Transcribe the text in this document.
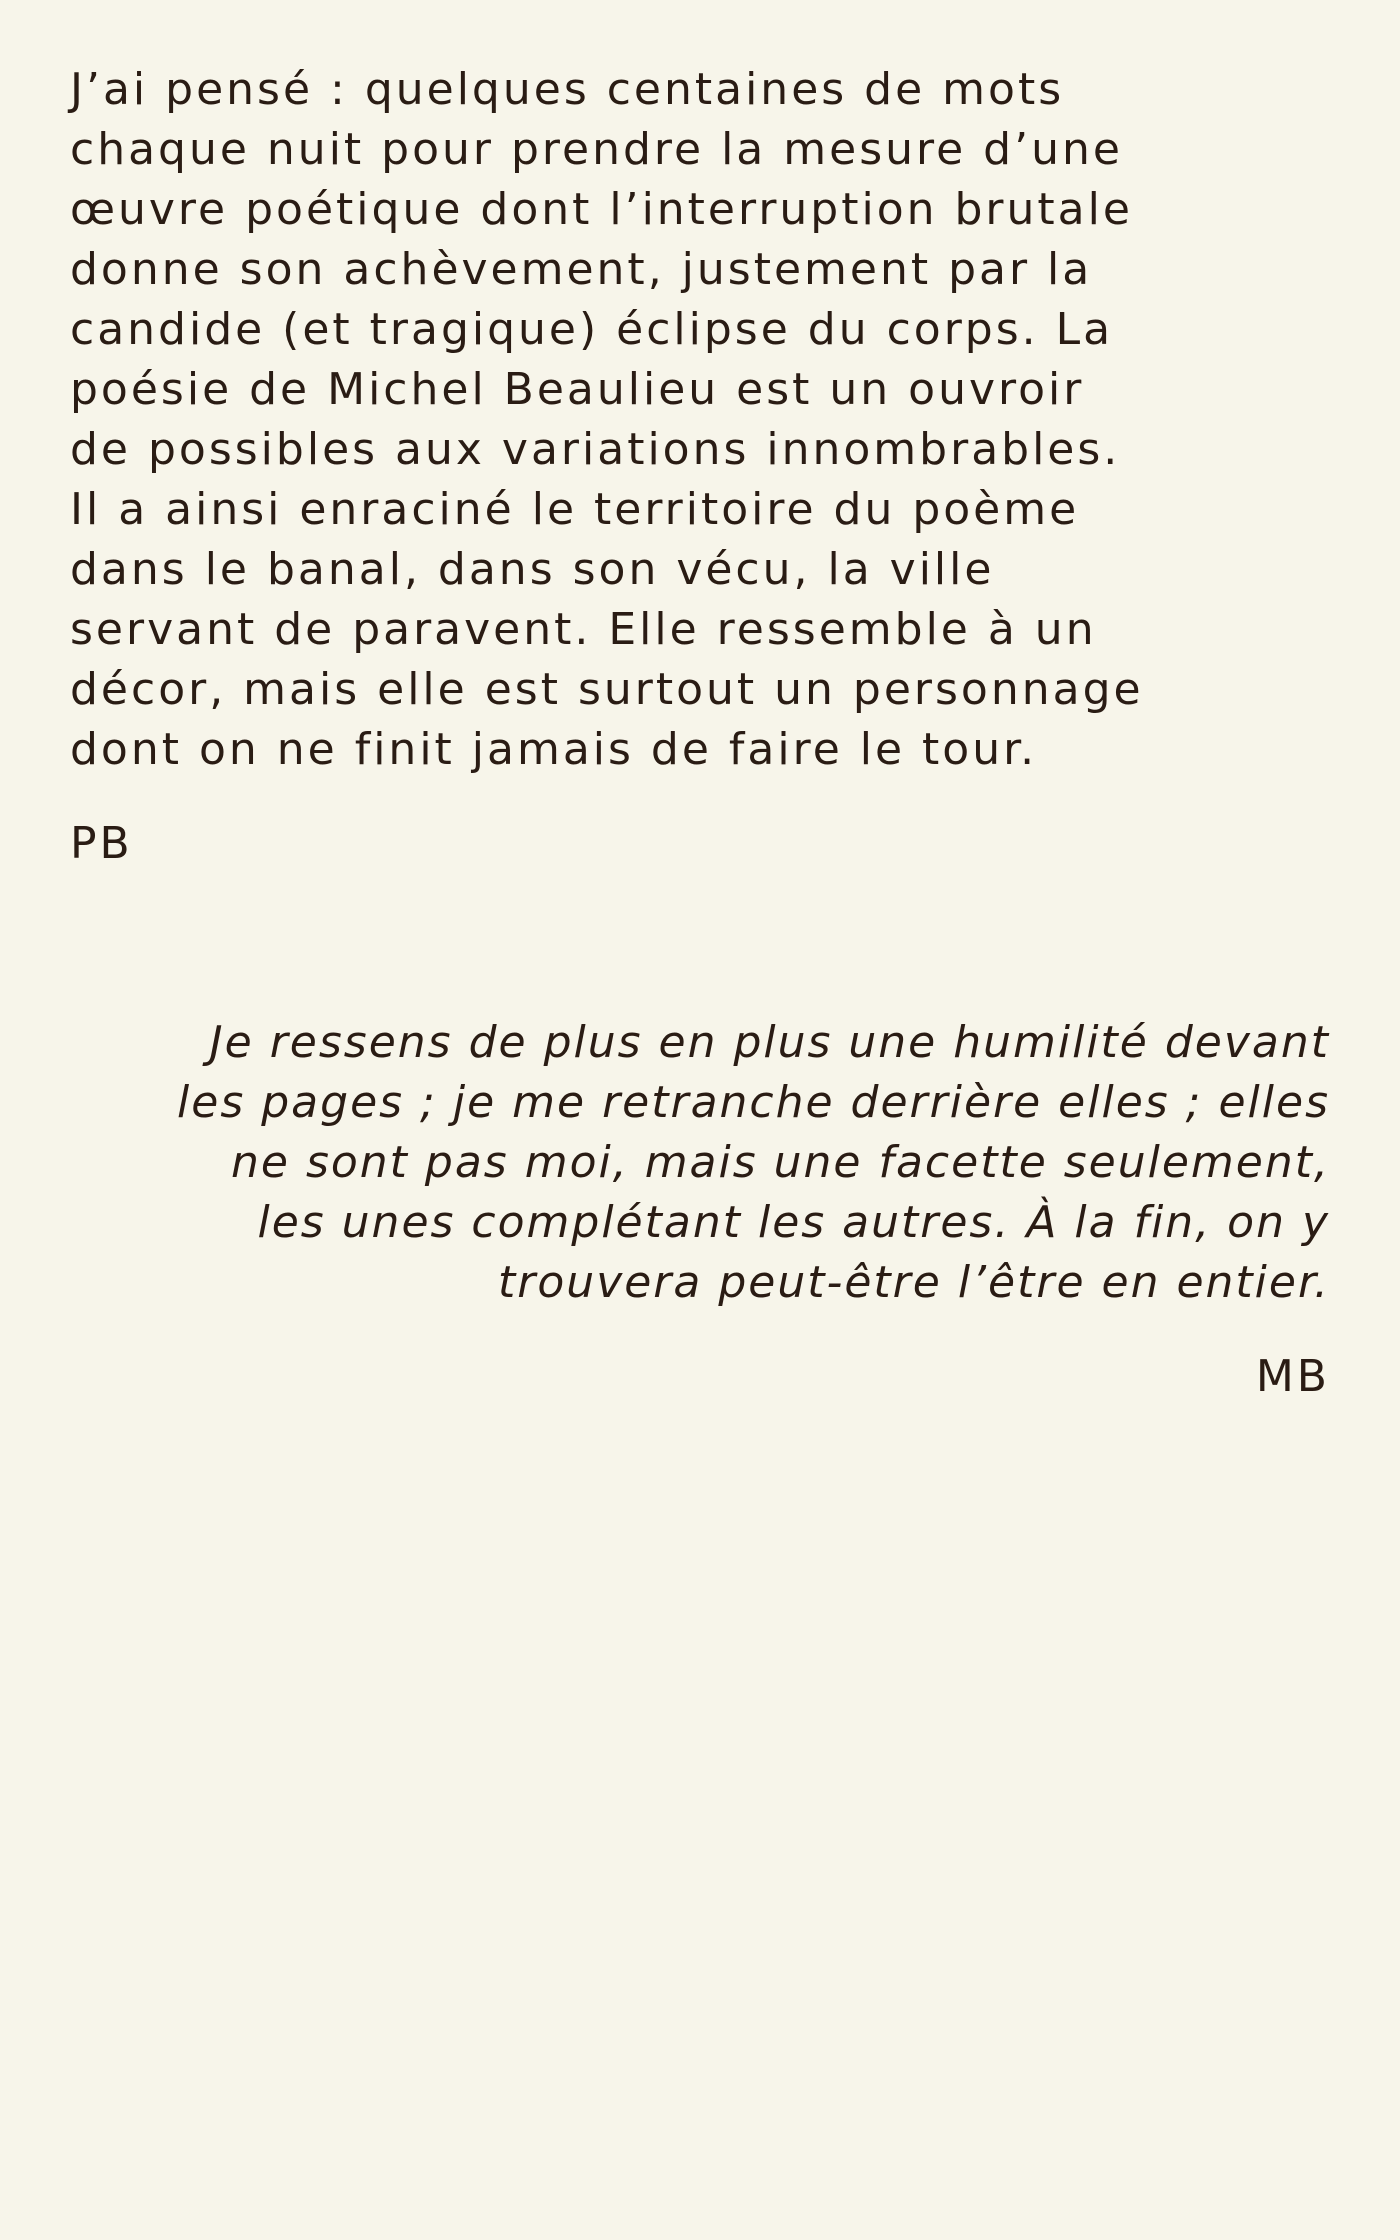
J’ai pensé : quelques centaines de mots
chaque nuit pour prendre la mesure d’une
œuvre poétique dont l’interruption brutale
donne son achèvement, justement par la
candide (et tragique) éclipse du corps. La
poésie de Michel Beaulieu est un ouvroir
de possibles aux variations innombrables.
Il a ainsi enraciné le territoire du poème
dans le banal, dans son vécu, la ville
servant de paravent. Elle ressemble à un
décor, mais elle est surtout un personnage
dont on ne finit jamais de faire le tour.
PB
Je ressens de plus en plus une humilité devant
les pages ; je me retranche derrière elles ; elles
ne sont pas moi, mais une facette seulement,
les unes complétant les autres. À la fin, on y
trouvera peut-être l’être en entier.
MB
